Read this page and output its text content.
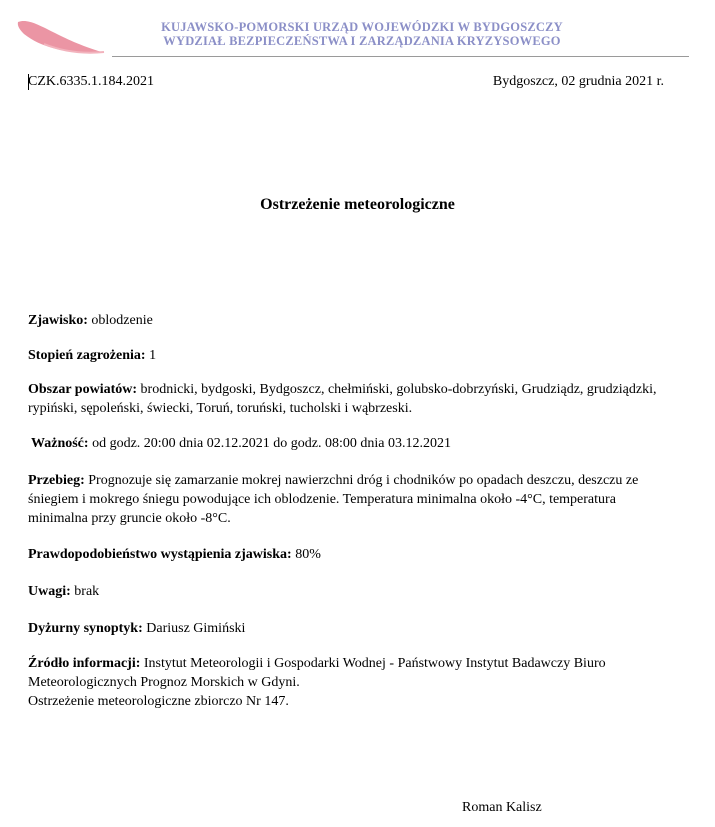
KUJAWSKO-POMORSKI URZĄD WOJEWÓDZKI W BYDGOSZCZY
WYDZIAŁ BEZPIECZEŃSTWA I ZARZĄDZANIA KRYZYSOWEGO
CZK.6335.1.184.2021	Bydgoszcz, 02 grudnia 2021 r.
Ostrzeżenie meteorologiczne
Zjawisko: oblodzenie
Stopień zagrożenia: 1
Obszar powiatów: brodnicki, bydgoski, Bydgoszcz, chełmiński, golubsko-dobrzyński, Grudziądz, grudziądzki, rypiński, sępoleński, świecki, Toruń, toruński, tucholski i wąbrzeski.
Ważność: od godz. 20:00 dnia 02.12.2021 do godz. 08:00 dnia 03.12.2021
Przebieg: Prognozuje się zamarzanie mokrej nawierzchni dróg i chodników po opadach deszczu, deszczu ze śniegiem i mokrego śniegu powodujące ich oblodzenie. Temperatura minimalna około -4°C, temperatura minimalna przy gruncie około -8°C.
Prawdopodobieństwo wystąpienia zjawiska: 80%
Uwagi: brak
Dyżurny synoptyk: Dariusz Gimiński
Źródło informacji: Instytut Meteorologii i Gospodarki Wodnej - Państwowy Instytut Badawczy Biuro Meteorologicznych Prognoz Morskich w Gdyni.
Ostrzeżenie meteorologiczne zbiorczo Nr 147.
Roman Kalisz
